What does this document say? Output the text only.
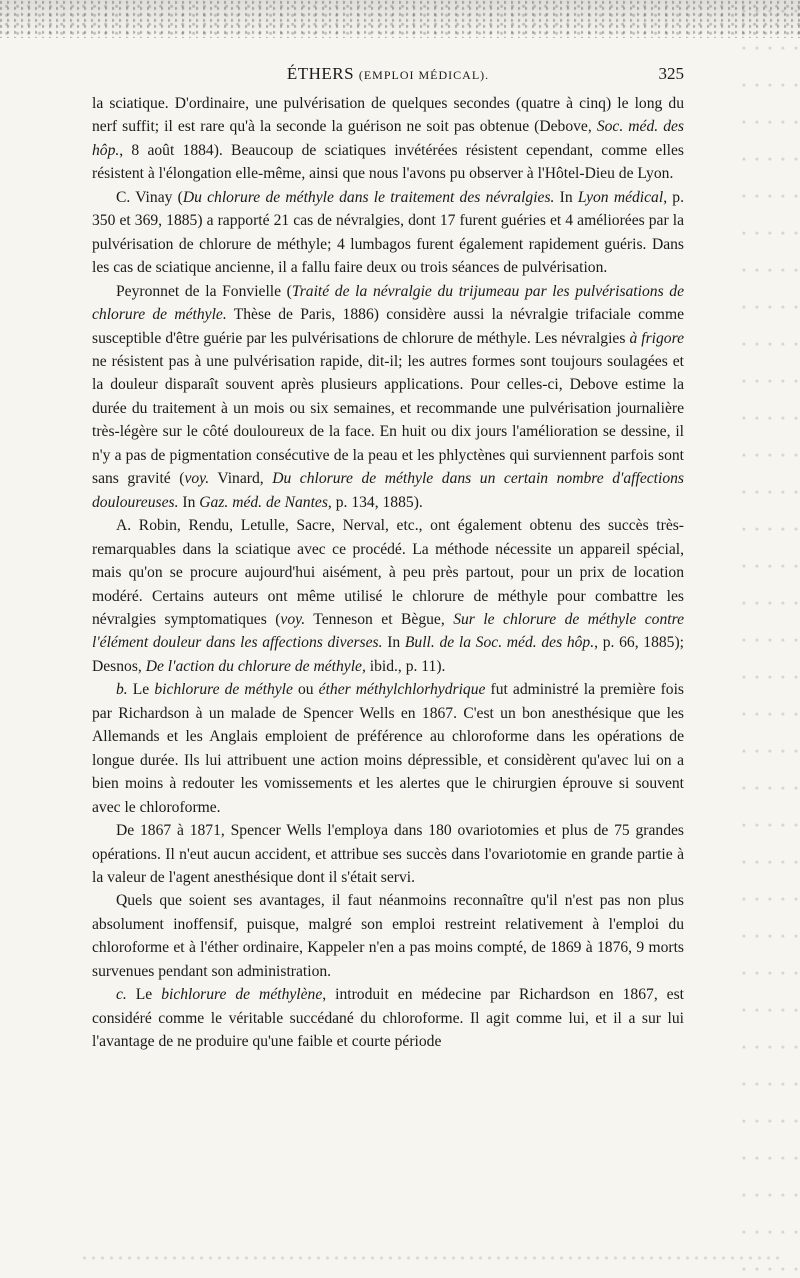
ÉTHERS (EMPLOI MÉDICAL).	325

la sciatique. D'ordinaire, une pulvérisation de quelques secondes (quatre à cinq) le long du nerf suffit; il est rare qu'à la seconde la guérison ne soit pas obtenue (Debove, Soc. méd. des hôp., 8 août 1884). Beaucoup de sciatiques invétérées résistent cependant, comme elles résistent à l'élongation elle-même, ainsi que nous l'avons pu observer à l'Hôtel-Dieu de Lyon.

C. Vinay (Du chlorure de méthyle dans le traitement des névralgies. In Lyon médical, p. 350 et 369, 1885) a rapporté 21 cas de névralgies, dont 17 furent guéries et 4 améliorées par la pulvérisation de chlorure de méthyle; 4 lumbagos furent également rapidement guéris. Dans les cas de sciatique ancienne, il a fallu faire deux ou trois séances de pulvérisation.

Peyronnet de la Fonvielle (Traité de la névralgie du trijumeau par les pulvérisations de chlorure de méthyle. Thèse de Paris, 1886) considère aussi la névralgie trifaciale comme susceptible d'être guérie par les pulvérisations de chlorure de méthyle. Les névralgies à frigore ne résistent pas à une pulvérisation rapide, dit-il; les autres formes sont toujours soulagées et la douleur disparaît souvent après plusieurs applications. Pour celles-ci, Debove estime la durée du traitement à un mois ou six semaines, et recommande une pulvérisation journalière très-légère sur le côté douloureux de la face. En huit ou dix jours l'amélioration se dessine, il n'y a pas de pigmentation consécutive de la peau et les phlyctènes qui surviennent parfois sont sans gravité (voy. Vinard, Du chlorure de méthyle dans un certain nombre d'affections douloureuses. In Gaz. méd. de Nantes, p. 134, 1885).

A. Robin, Rendu, Letulle, Sacre, Nerval, etc., ont également obtenu des succès très-remarquables dans la sciatique avec ce procédé. La méthode nécessite un appareil spécial, mais qu'on se procure aujourd'hui aisément, à peu près partout, pour un prix de location modéré. Certains auteurs ont même utilisé le chlorure de méthyle pour combattre les névralgies symptomatiques (voy. Tenneson et Bègue, Sur le chlorure de méthyle contre l'élément douleur dans les affections diverses. In Bull. de la Soc. méd. des hôp., p. 66, 1885); Desnos, De l'action du chlorure de méthyle, ibid., p. 11).

b. Le bichlorure de méthyle ou éther méthylchlorhydrique fut administré la première fois par Richardson à un malade de Spencer Wells en 1867. C'est un bon anesthésique que les Allemands et les Anglais emploient de préférence au chloroforme dans les opérations de longue durée. Ils lui attribuent une action moins dépressible, et considèrent qu'avec lui on a bien moins à redouter les vomissements et les alertes que le chirurgien éprouve si souvent avec le chloroforme.

De 1867 à 1871, Spencer Wells l'employa dans 180 ovariotomies et plus de 75 grandes opérations. Il n'eut aucun accident, et attribue ses succès dans l'ovariotomie en grande partie à la valeur de l'agent anesthésique dont il s'était servi.

Quels que soient ses avantages, il faut néanmoins reconnaître qu'il n'est pas non plus absolument inoffensif, puisque, malgré son emploi restreint relativement à l'emploi du chloroforme et à l'éther ordinaire, Kappeler n'en a pas moins compté, de 1869 à 1876, 9 morts survenues pendant son administration.

c. Le bichlorure de méthylène, introduit en médecine par Richardson en 1867, est considéré comme le véritable succédané du chloroforme. Il agit comme lui, et il a sur lui l'avantage de ne produire qu'une faible et courte période
